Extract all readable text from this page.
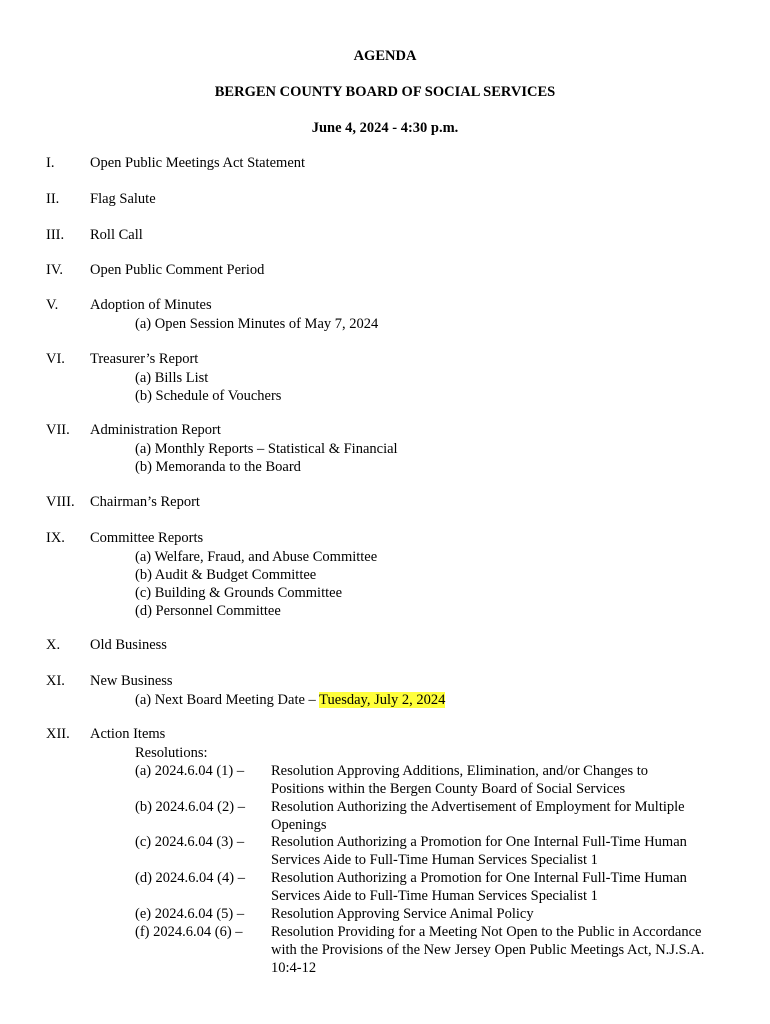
AGENDA
BERGEN COUNTY BOARD OF SOCIAL SERVICES
June 4, 2024 - 4:30 p.m.
I. Open Public Meetings Act Statement
II. Flag Salute
III. Roll Call
IV. Open Public Comment Period
V. Adoption of Minutes
(a) Open Session Minutes of May 7, 2024
VI. Treasurer’s Report
(a) Bills List
(b) Schedule of Vouchers
VII. Administration Report
(a) Monthly Reports – Statistical & Financial
(b) Memoranda to the Board
VIII. Chairman’s Report
IX. Committee Reports
(a) Welfare, Fraud, and Abuse Committee
(b) Audit & Budget Committee
(c) Building & Grounds Committee
(d) Personnel Committee
X. Old Business
XI. New Business
(a) Next Board Meeting Date – Tuesday, July 2, 2024
XII. Action Items
Resolutions:
(a) 2024.6.04 (1) – Resolution Approving Additions, Elimination, and/or Changes to
Positions within the Bergen County Board of Social Services
(b) 2024.6.04 (2) – Resolution Authorizing the Advertisement of Employment for Multiple
Openings
(c) 2024.6.04 (3) – Resolution Authorizing a Promotion for One Internal Full-Time Human
Services Aide to Full-Time Human Services Specialist 1
(d) 2024.6.04 (4) – Resolution Authorizing a Promotion for One Internal Full-Time Human
Services Aide to Full-Time Human Services Specialist 1
(e) 2024.6.04 (5) – Resolution Approving Service Animal Policy
(f) 2024.6.04 (6) – Resolution Providing for a Meeting Not Open to the Public in Accordance
with the Provisions of the New Jersey Open Public Meetings Act, N.J.S.A.
10:4-12
